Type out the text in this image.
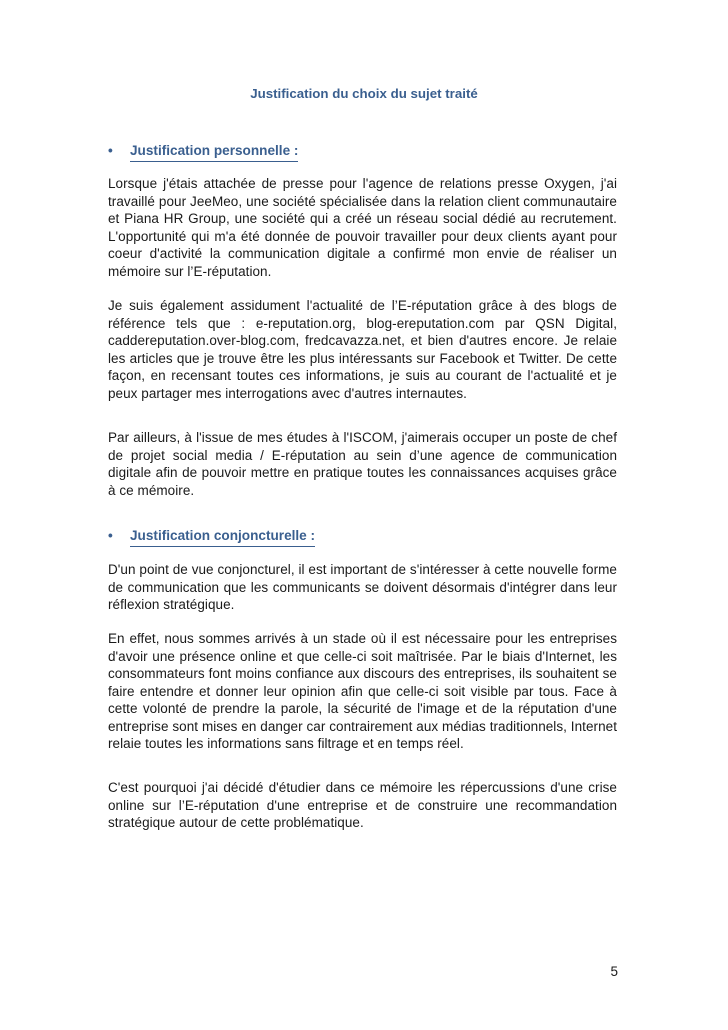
Justification du choix du sujet traité
• Justification personnelle :

Lorsque j'étais attachée de presse pour l'agence de relations presse Oxygen, j'ai travaillé pour JeeMeo, une société spécialisée dans la relation client communautaire et Piana HR Group, une société qui a créé un réseau social dédié au recrutement. L'opportunité qui m'a été donnée de pouvoir travailler pour deux clients ayant pour coeur d'activité la communication digitale a confirmé mon envie de réaliser un mémoire sur l’E-réputation.

Je suis également assidument l'actualité de l’E-réputation grâce à des blogs de référence tels que : e-reputation.org, blog-ereputation.com par QSN Digital, caddereputation.over-blog.com, fredcavazza.net, et bien d'autres encore. Je relaie les articles que je trouve être les plus intéressants sur Facebook et Twitter. De cette façon, en recensant toutes ces informations, je suis au courant de l'actualité et je peux partager mes interrogations avec d'autres internautes.

Par ailleurs, à l'issue de mes études à l'ISCOM, j'aimerais occuper un poste de chef de projet social media / E-réputation au sein d’une agence de communication digitale afin de pouvoir mettre en pratique toutes les connaissances acquises grâce à ce mémoire.

• Justification conjoncturelle :

D'un point de vue conjoncturel, il est important de s'intéresser à cette nouvelle forme de communication que les communicants se doivent désormais d'intégrer dans leur réflexion stratégique.

En effet, nous sommes arrivés à un stade où il est nécessaire pour les entreprises d'avoir une présence online et que celle-ci soit maîtrisée. Par le biais d'Internet, les consommateurs font moins confiance aux discours des entreprises, ils souhaitent se faire entendre et donner leur opinion afin que celle-ci soit visible par tous. Face à cette volonté de prendre la parole, la sécurité de l'image et de la réputation d'une entreprise sont mises en danger car contrairement aux médias traditionnels, Internet relaie toutes les informations sans filtrage et en temps réel.

C'est pourquoi j'ai décidé d'étudier dans ce mémoire les répercussions d'une crise online sur l’E-réputation d'une entreprise et de construire une recommandation stratégique autour de cette problématique.

5
